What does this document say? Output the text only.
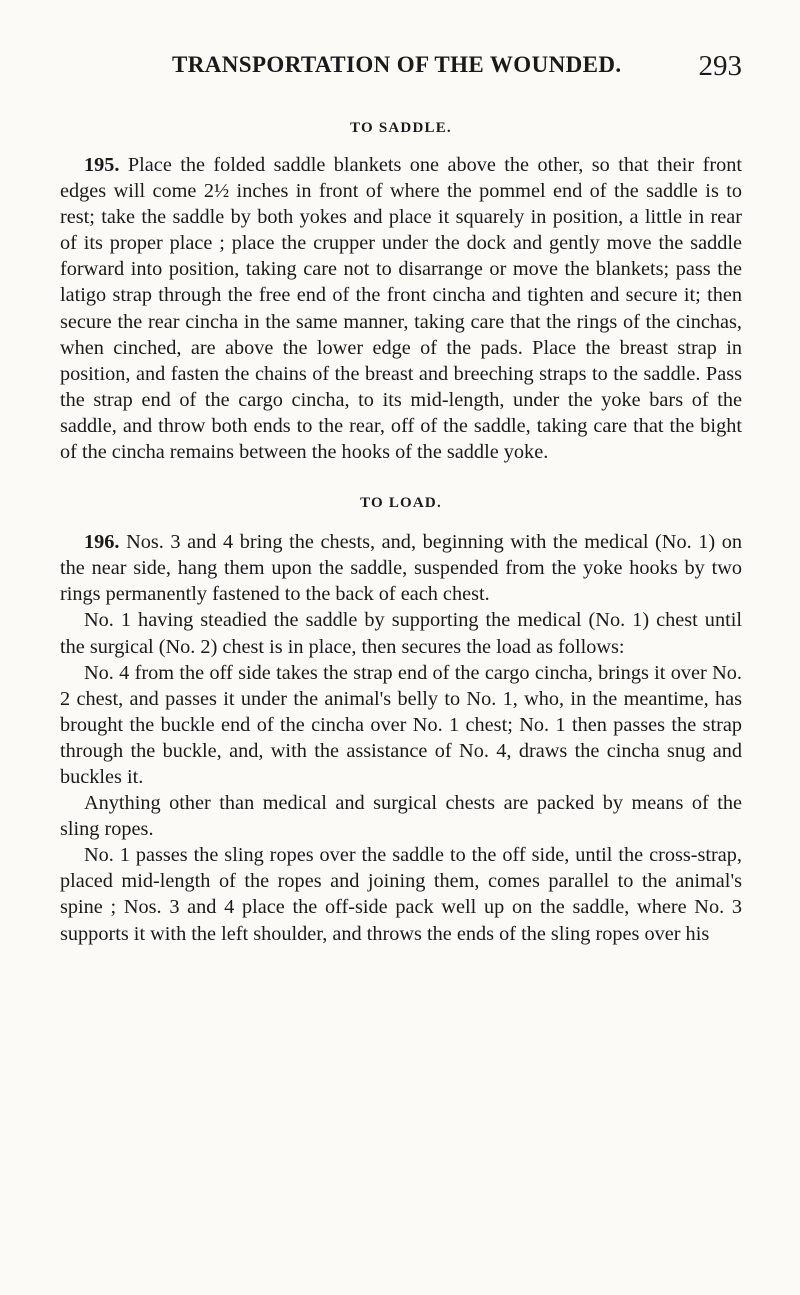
TRANSPORTATION OF THE WOUNDED.	293
TO SADDLE.

195. Place the folded saddle blankets one above the other, so that their front edges will come 2½ inches in front of where the pommel end of the saddle is to rest; take the saddle by both yokes and place it squarely in position, a little in rear of its proper place ; place the crupper under the dock and gently move the saddle forward into position, taking care not to disarrange or move the blankets; pass the latigo strap through the free end of the front cincha and tighten and secure it; then secure the rear cincha in the same manner, taking care that the rings of the cinchas, when cinched, are above the lower edge of the pads. Place the breast strap in position, and fasten the chains of the breast and breeching straps to the saddle. Pass the strap end of the cargo cincha, to its mid-length, under the yoke bars of the saddle, and throw both ends to the rear, off of the saddle, taking care that the bight of the cincha remains between the hooks of the saddle yoke.

TO LOAD.

196. Nos. 3 and 4 bring the chests, and, beginning with the medical (No. 1) on the near side, hang them upon the saddle, suspended from the yoke hooks by two rings permanently fastened to the back of each chest.

No. 1 having steadied the saddle by supporting the medical (No. 1) chest until the surgical (No. 2) chest is in place, then secures the load as follows:

No. 4 from the off side takes the strap end of the cargo cincha, brings it over No. 2 chest, and passes it under the animal's belly to No. 1, who, in the meantime, has brought the buckle end of the cincha over No. 1 chest; No. 1 then passes the strap through the buckle, and, with the assistance of No. 4, draws the cincha snug and buckles it.

Anything other than medical and surgical chests are packed by means of the sling ropes.

No. 1 passes the sling ropes over the saddle to the off side, until the cross-strap, placed mid-length of the ropes and joining them, comes parallel to the animal's spine ; Nos. 3 and 4 place the off-side pack well up on the saddle, where No. 3 supports it with the left shoulder, and throws the ends of the sling ropes over his
